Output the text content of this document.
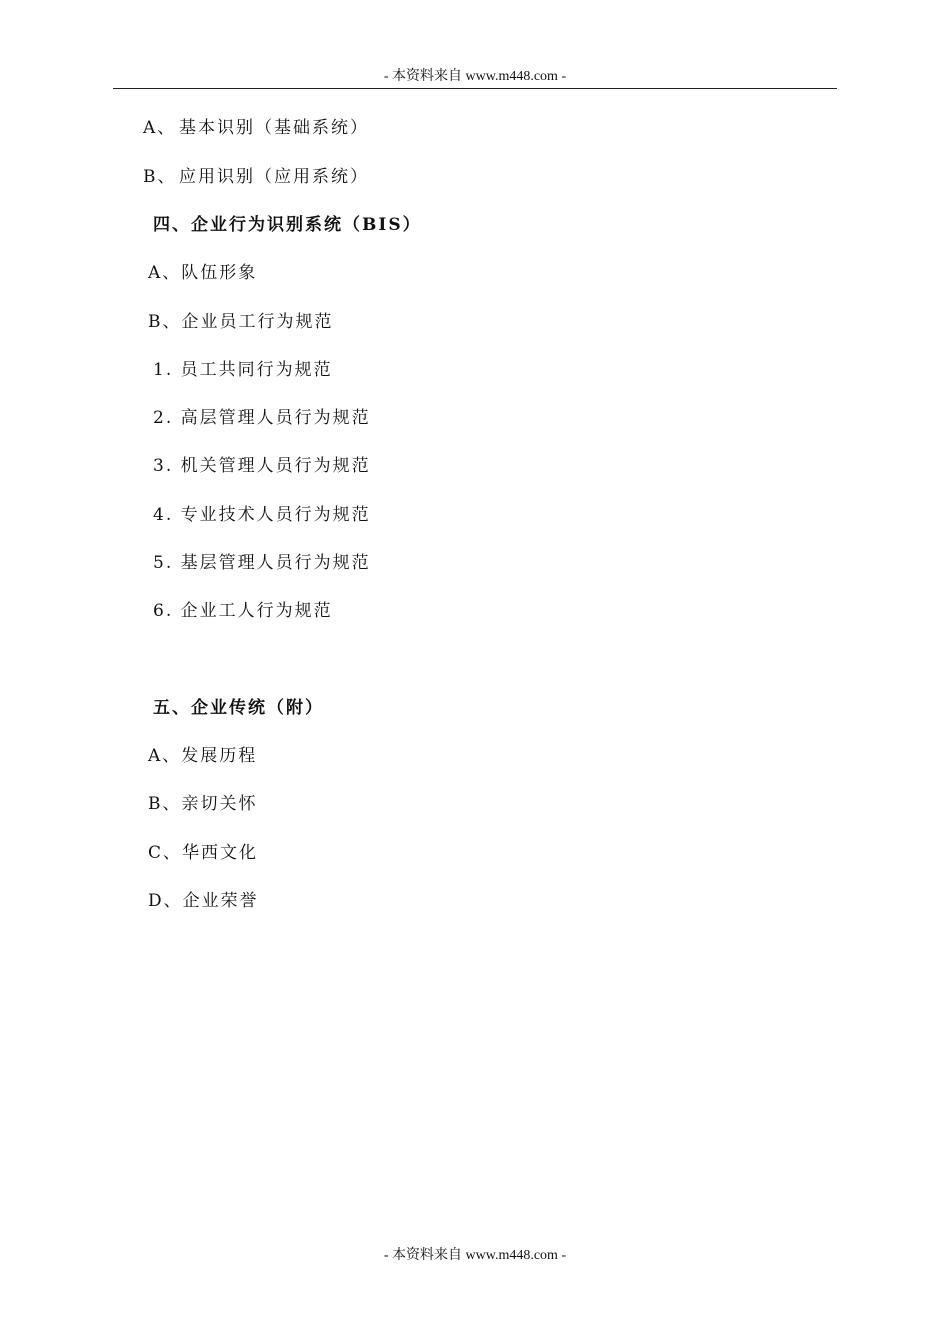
- 本资料来自 www.m448.com -
A、 基本识别（基础系统）
B、 应用识别（应用系统）
四、企业行为识别系统（BIS）
A、队伍形象
B、企业员工行为规范
1. 员工共同行为规范
2. 高层管理人员行为规范
3. 机关管理人员行为规范
4. 专业技术人员行为规范
5. 基层管理人员行为规范
6. 企业工人行为规范
五、企业传统（附）
A、发展历程
B、亲切关怀
C、华西文化
D、企业荣誉
- 本资料来自 www.m448.com -
